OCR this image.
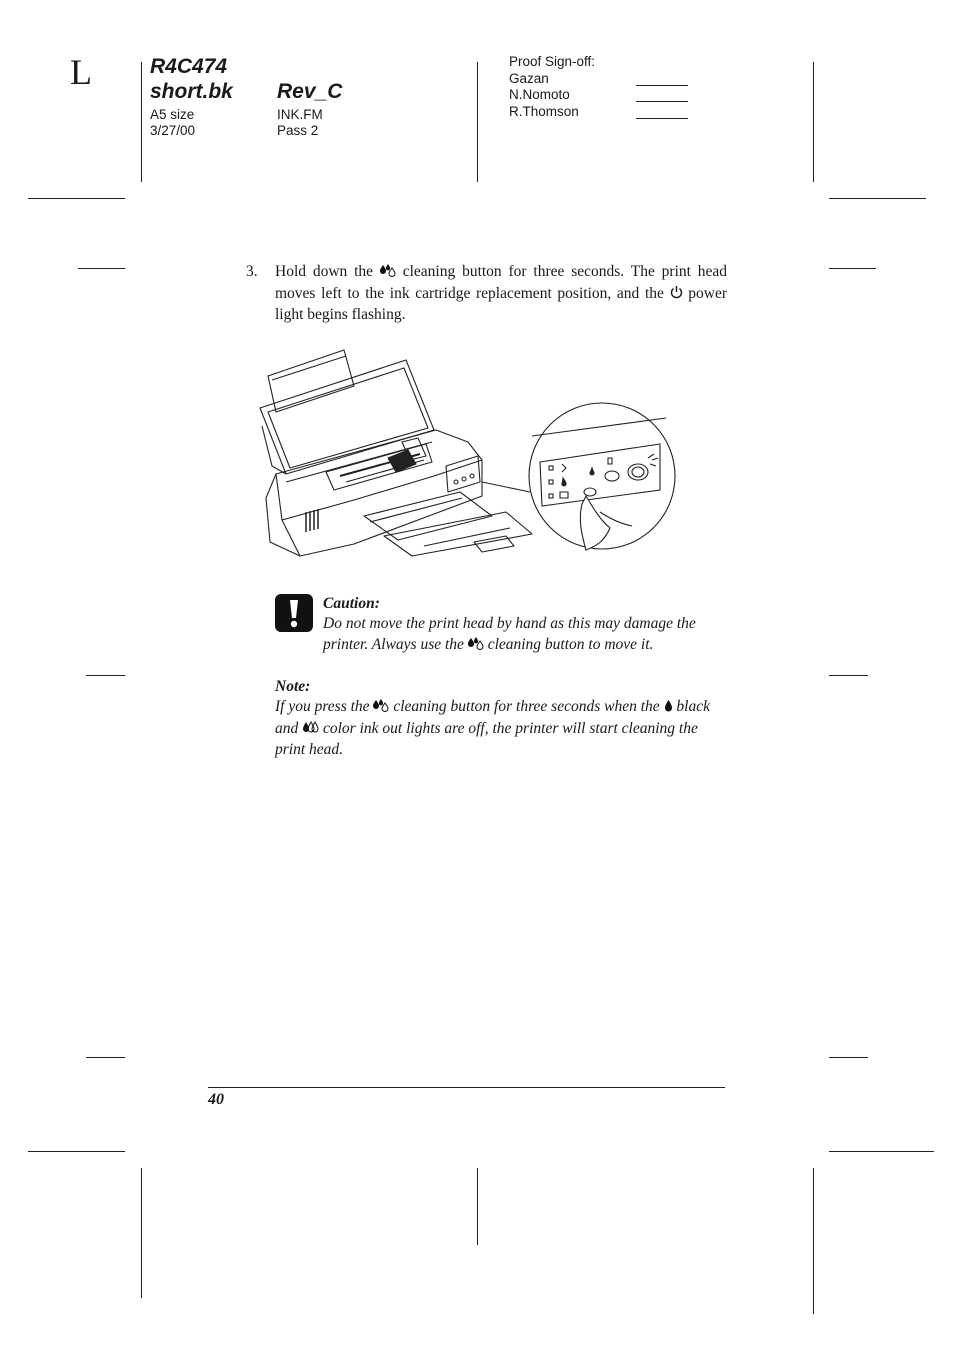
L	R4C474
short.bk Rev_C
A5 size
3/27/00
INK.FM
Pass 2
Proof Sign-off:
Gazan
N.Nomoto
R.Thomson
3. Hold down the cleaning button for three seconds. The print head moves left to the ink cartridge replacement position, and the power light begins flashing.
Caution:
Do not move the print head by hand as this may damage the printer. Always use the cleaning button to move it.
Note:
If you press the cleaning button for three seconds when the black and color ink out lights are off, the printer will start cleaning the print head.
40
